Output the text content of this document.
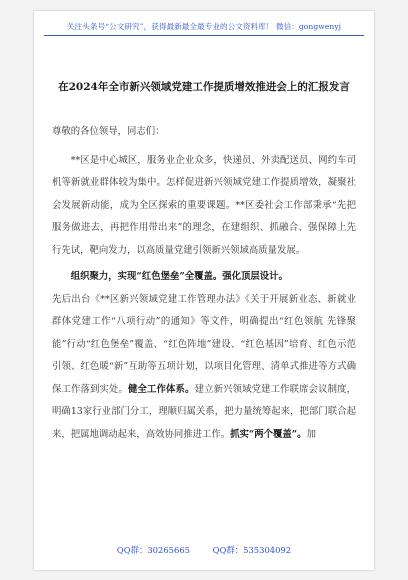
关注头条号“公文研究”，获得最新最全最专业的公文资料库！ 微信：gongwenyj
在2024年全市新兴领域党建工作提质增效推进会上的汇报发言

尊敬的各位领导，同志们：

**区是中心城区，服务业企业众多，快递员、外卖配送员、网约车司机等新就业群体较为集中。怎样促进新兴领域党建工作提质增效，凝聚社会发展新动能，成为全区探索的重要课题。**区委社会工作部秉承“先把服务做进去，再把作用带出来”的理念，在建组织、抓融合、强保障上先行先试，靶向发力，以高质量党建引领新兴领域高质量发展。

组织聚力，实现“红色堡垒”全覆盖。强化顶层设计。

先后出台《**区新兴领域党建工作管理办法》《关于开展新业态、新就业群体党建工作“八项行动”的通知》等文件，明确提出“红色领航 先锋聚能”行动“红色堡垒”覆盖、“红色阵地”建设、“红色基因”培育、红色示范引领、红色暖“新”互助等五项计划，以项目化管理、清单式推进等方式确保工作落到实处。健全工作体系。建立新兴领域党建工作联席会议制度，明确13家行业部门分工，理顺归属关系，把力量统筹起来，把部门联合起来，把属地调动起来，高效协同推进工作。抓实“两个覆盖”。加

QQ群：30265665	QQ群：535304092
